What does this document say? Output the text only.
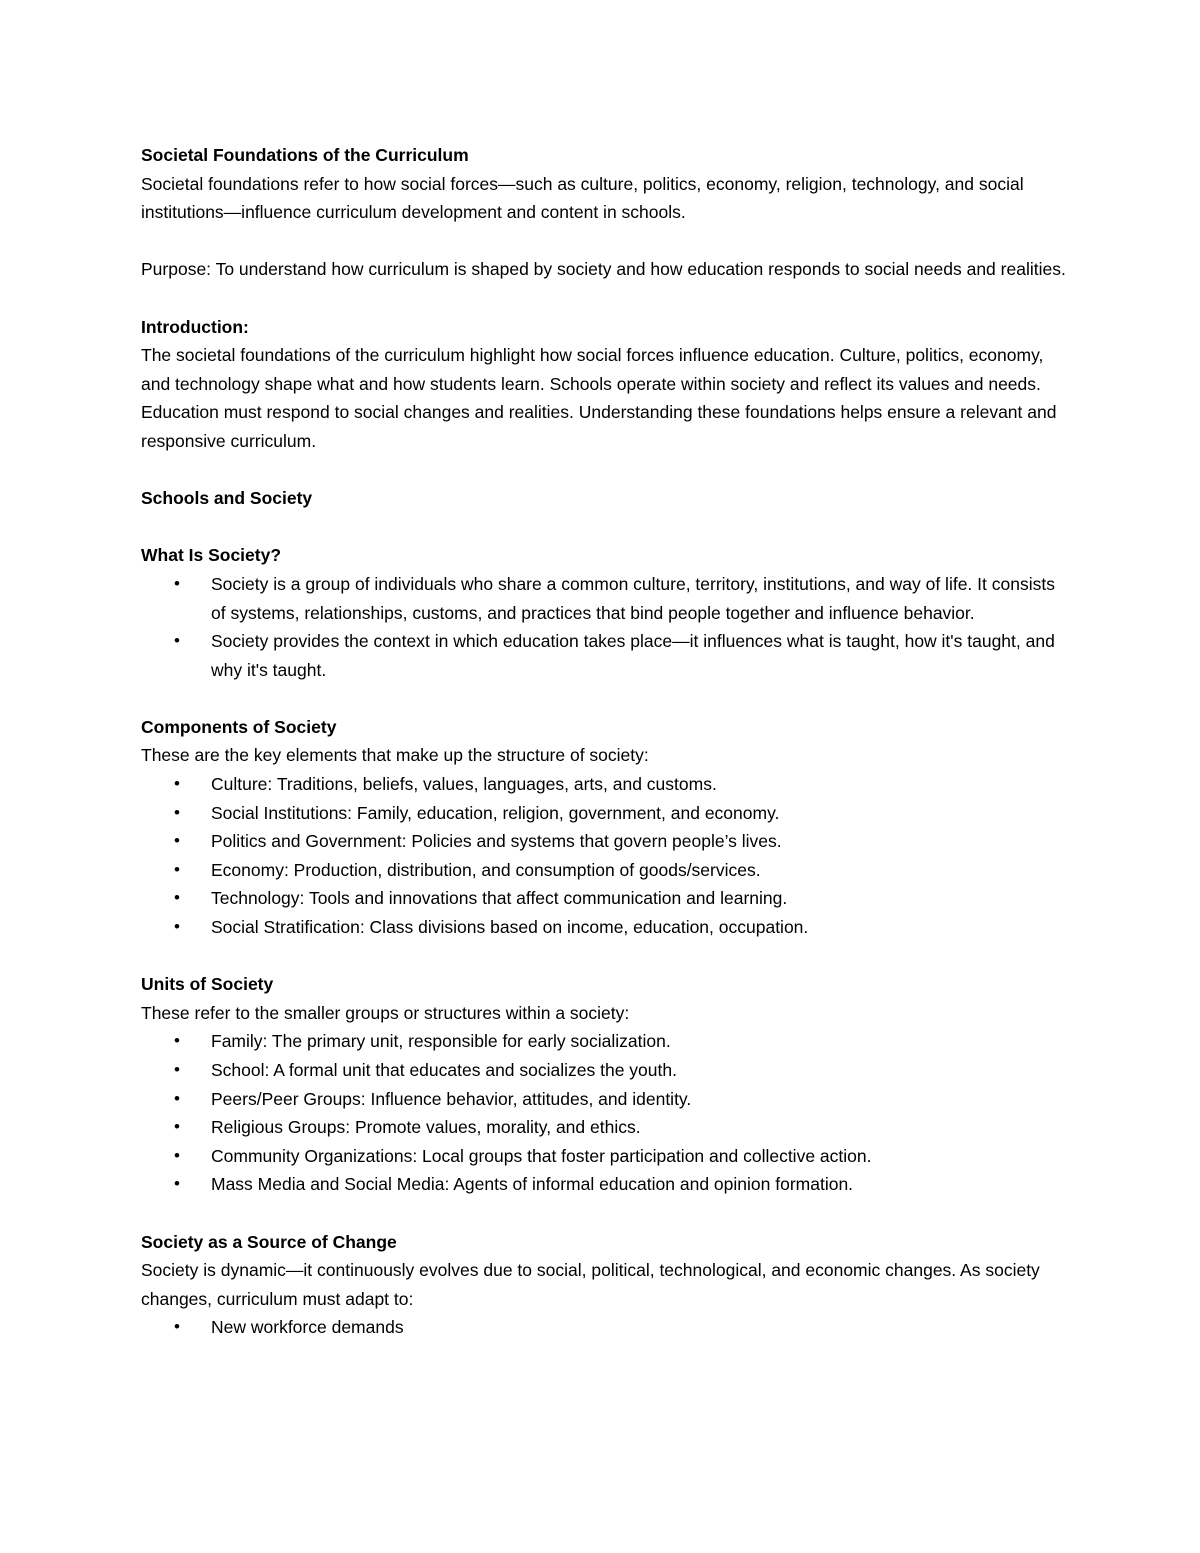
Societal Foundations of the Curriculum

Societal foundations refer to how social forces—such as culture, politics, economy, religion, technology, and social institutions—influence curriculum development and content in schools.

Purpose: To understand how curriculum is shaped by society and how education responds to social needs and realities.

Introduction:

The societal foundations of the curriculum highlight how social forces influence education. Culture, politics, economy, and technology shape what and how students learn. Schools operate within society and reflect its values and needs. Education must respond to social changes and realities. Understanding these foundations helps ensure a relevant and responsive curriculum.

Schools and Society

What Is Society?

• Society is a group of individuals who share a common culture, territory, institutions, and way of life. It consists of systems, relationships, customs, and practices that bind people together and influence behavior.
• Society provides the context in which education takes place—it influences what is taught, how it's taught, and why it's taught.

Components of Society

These are the key elements that make up the structure of society:

• Culture: Traditions, beliefs, values, languages, arts, and customs.
• Social Institutions: Family, education, religion, government, and economy.
• Politics and Government: Policies and systems that govern people’s lives.
• Economy: Production, distribution, and consumption of goods/services.
• Technology: Tools and innovations that affect communication and learning.
• Social Stratification: Class divisions based on income, education, occupation.

Units of Society

These refer to the smaller groups or structures within a society:

• Family: The primary unit, responsible for early socialization.
• School: A formal unit that educates and socializes the youth.
• Peers/Peer Groups: Influence behavior, attitudes, and identity.
• Religious Groups: Promote values, morality, and ethics.
• Community Organizations: Local groups that foster participation and collective action.
• Mass Media and Social Media: Agents of informal education and opinion formation.

Society as a Source of Change

Society is dynamic—it continuously evolves due to social, political, technological, and economic changes. As society changes, curriculum must adapt to:

• New workforce demands
